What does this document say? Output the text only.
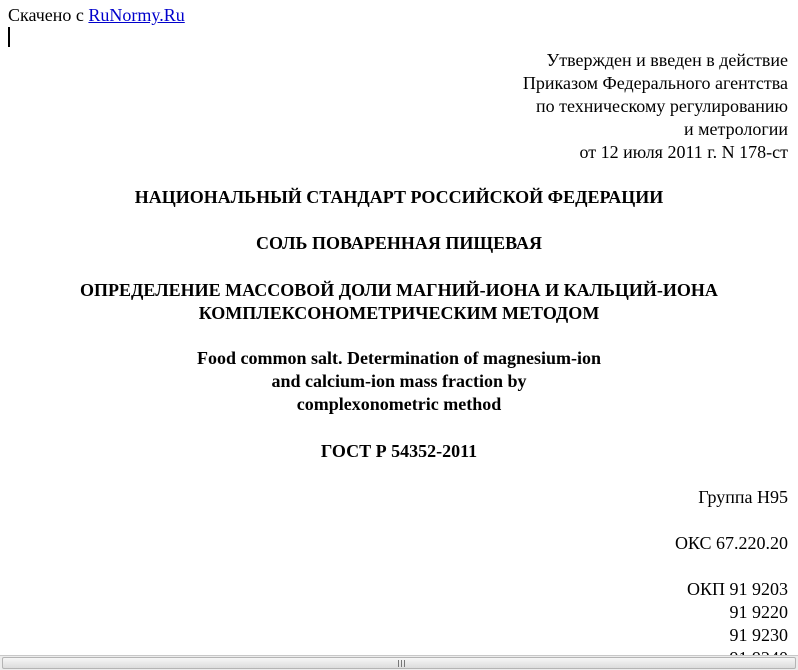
Скачено с RuNormy.Ru
Утвержден и введен в действие
Приказом Федерального агентства
по техническому регулированию
и метрологии
от 12 июля 2011 г. N 178-ст
НАЦИОНАЛЬНЫЙ СТАНДАРТ РОССИЙСКОЙ ФЕДЕРАЦИИ
СОЛЬ ПОВАРЕННАЯ ПИЩЕВАЯ
ОПРЕДЕЛЕНИЕ МАССОВОЙ ДОЛИ МАГНИЙ-ИОНА И КАЛЬЦИЙ-ИОНА
КОМПЛЕКСОНОМЕТРИЧЕСКИМ МЕТОДОМ
Food common salt. Determination of magnesium-ion
and calcium-ion mass fraction by
complexonometric method
ГОСТ Р 54352-2011
Группа Н95
ОКС 67.220.20
ОКП 91 9203
91 9220
91 9230
